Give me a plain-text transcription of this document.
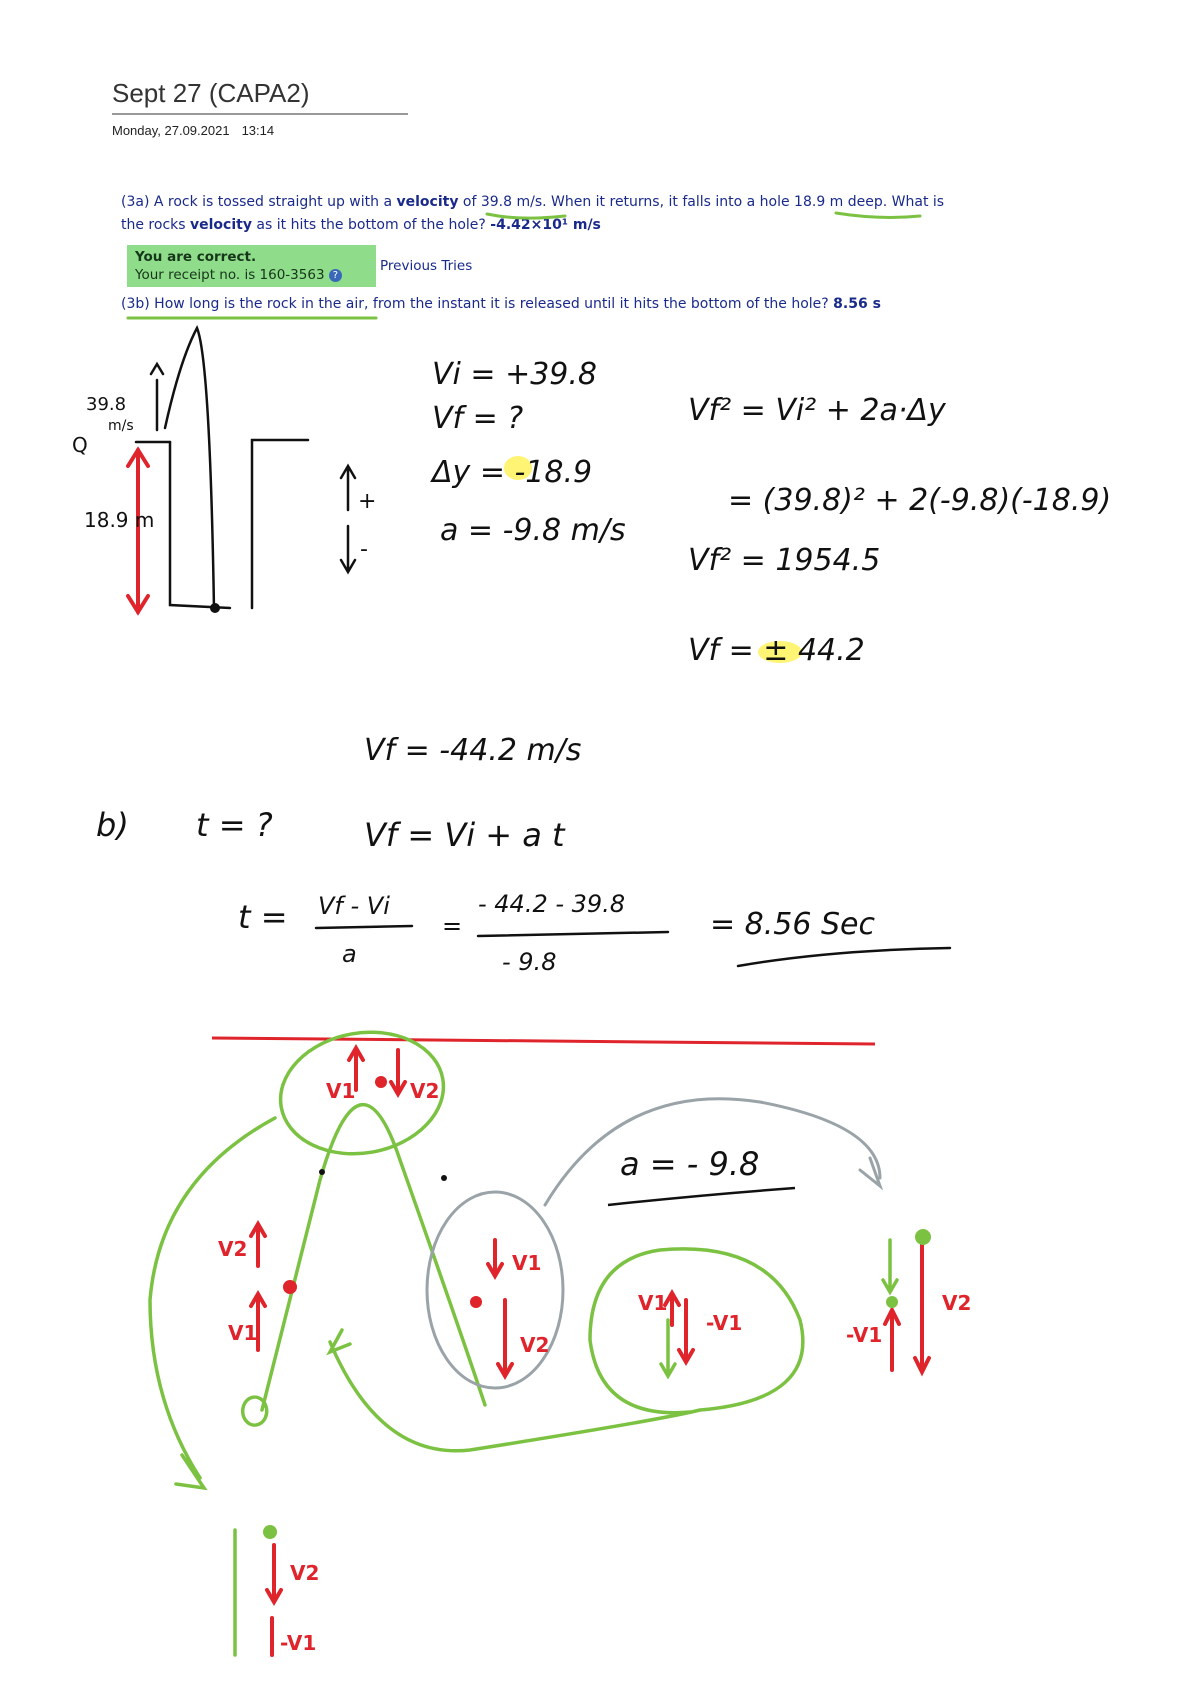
Sept 27 (CAPA2)
Monday, 27.09.2021 13:14
(3a) A rock is tossed straight up with a velocity of 39.8 m/s. When it returns, it falls into a hole 18.9 m deep. What is
the rocks velocity as it hits the bottom of the hole? -4.42×10¹ m/s
You are correct.
Your receipt no. is 160-3563 ?
Previous Tries
(3b) How long is the rock in the air, from the instant it is released until it hits the bottom of the hole? 8.56 s
39.8
m/s
Q
18.9 m
+
-
Vi = +39.8
Vf = ?
Δy = -18.9
a = -9.8 m/s
Vf² = Vi² + 2a·Δy
= (39.8)² + 2(-9.8)(-18.9)
Vf² = 1954.5
Vf = ± 44.2
Vf = -44.2 m/s
b) t = ?	Vf = Vi + a t
t = Vf - Vi
a
- 44.2 - 39.8
- 9.8
=	= 8.56 Sec
a = - 9.8
V1	V2
V2
V1
V1
V2
V1
-V1
V2
-V1
V2
-V1
